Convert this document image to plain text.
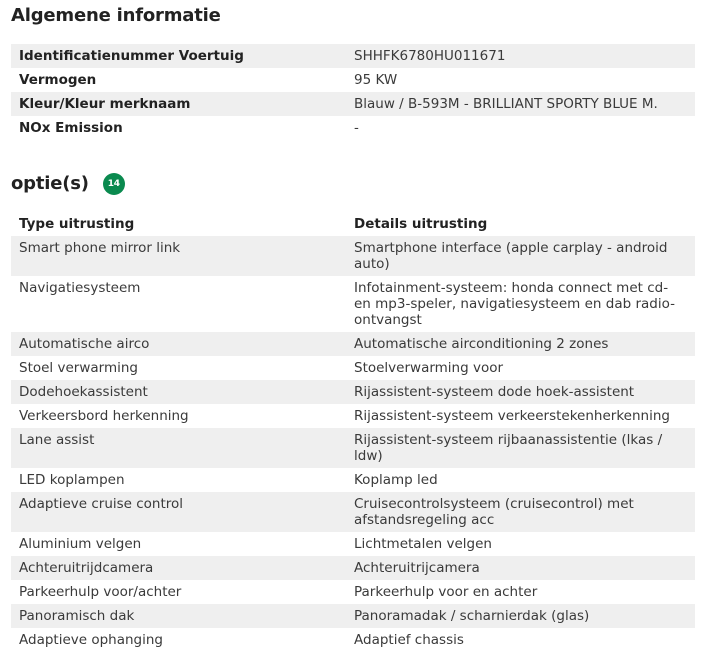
Algemene informatie
Identificatienummer Voertuig	SHHFK6780HU011671
Vermogen	95 KW
Kleur/Kleur merknaam	Blauw / B-593M - BRILLIANT SPORTY BLUE M.
NOx Emission	-
optie(s)	14
Type uitrusting	Details uitrusting
Smart phone mirror link	Smartphone interface (apple carplay - android auto)
Navigatiesysteem	Infotainment-systeem: honda connect met cd- en mp3-speler, navigatiesysteem en dab radio-ontvangst
Automatische airco	Automatische airconditioning 2 zones
Stoel verwarming	Stoelverwarming voor
Dodehoekassistent	Rijassistent-systeem dode hoek-assistent
Verkeersbord herkenning	Rijassistent-systeem verkeerstekenherkenning
Lane assist	Rijassistent-systeem rijbaanassistentie (lkas / ldw)
LED koplampen	Koplamp led
Adaptieve cruise control	Cruisecontrolsysteem (cruisecontrol) met afstandsregeling acc
Aluminium velgen	Lichtmetalen velgen
Achteruitrijdcamera	Achteruitrijcamera
Parkeerhulp voor/achter	Parkeerhulp voor en achter
Panoramisch dak	Panoramadak / scharnierdak (glas)
Adaptieve ophanging	Adaptief chassis
